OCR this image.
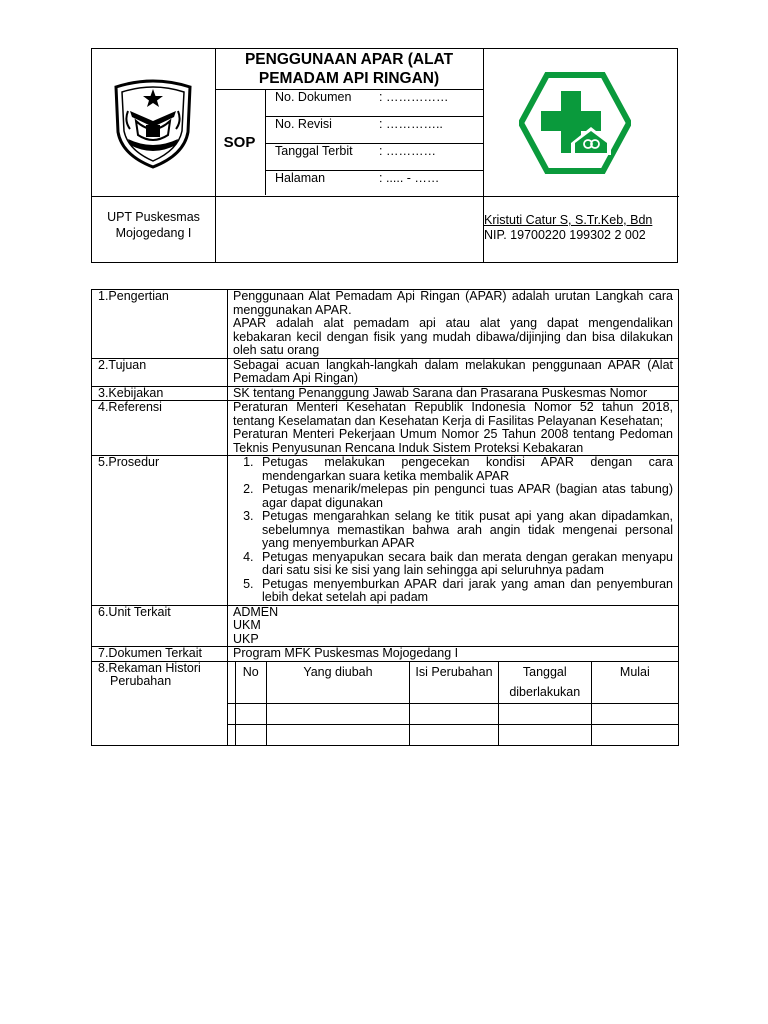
PENGGUNAAN APAR (ALAT
PEMADAM API RINGAN)
SOP
No. Dokumen : ……………
No. Revisi	: …………..
Tanggal Terbit : …………
Halaman	: ..... - ……
UPT Puskesmas
Mojogedang I
Kristuti Catur S, S.Tr.Keb, Bdn
NIP. 19700220 199302 2 002
1.Pengertian	Penggunaan Alat Pemadam Api Ringan (APAR) adalah urutan Langkah cara menggunakan APAR.
APAR adalah alat pemadam api atau alat yang dapat mengendalikan kebakaran kecil dengan fisik yang mudah dibawa/dijinjing dan bisa dilakukan oleh satu orang

2.Tujuan	Sebagai acuan langkah-langkah dalam melakukan penggunaan APAR (Alat Pemadam Api Ringan)
3.Kebijakan	SK tentang Penanggung Jawab Sarana dan Prasarana Puskesmas Nomor
4.Referensi	Peraturan Menteri Kesehatan Republik Indonesia Nomor 52 tahun 2018, tentang Keselamatan dan Kesehatan Kerja di Fasilitas Pelayanan Kesehatan;
Peraturan Menteri Pekerjaan Umum Nomor 25 Tahun 2008 tentang Pedoman Teknis Penyusunan Rencana Induk Sistem Proteksi Kebakaran

5.Prosedur	
1.Petugas melakukan pengecekan kondisi APAR dengan cara mendengarkan suara ketika membalik APAR
2. Petugas menarik/melepas pin pengunci tuas APAR (bagian atas tabung) agar dapat digunakan
3. Petugas mengarahkan selang ke titik pusat api yang akan dipadamkan, sebelumnya memastikan bahwa arah angin tidak mengenai personal yang menyemburkan APAR
4. Petugas menyapukan secara baik dan merata dengan gerakan menyapu dari satu sisi ke sisi yang lain sehingga api seluruhnya padam
5. Petugas menyemburkan APAR dari jarak yang aman dan penyemburan lebih dekat setelah api padam

6.Unit Terkait	ADMEN
UKM
UKP

7.Dokumen Terkait	Program MFK Puskesmas Mojogedang I

8.Rekaman Histori
Perubahan

	No	Yang diubah	Isi Perubahan	Tanggal diberlakukan	Mulai
